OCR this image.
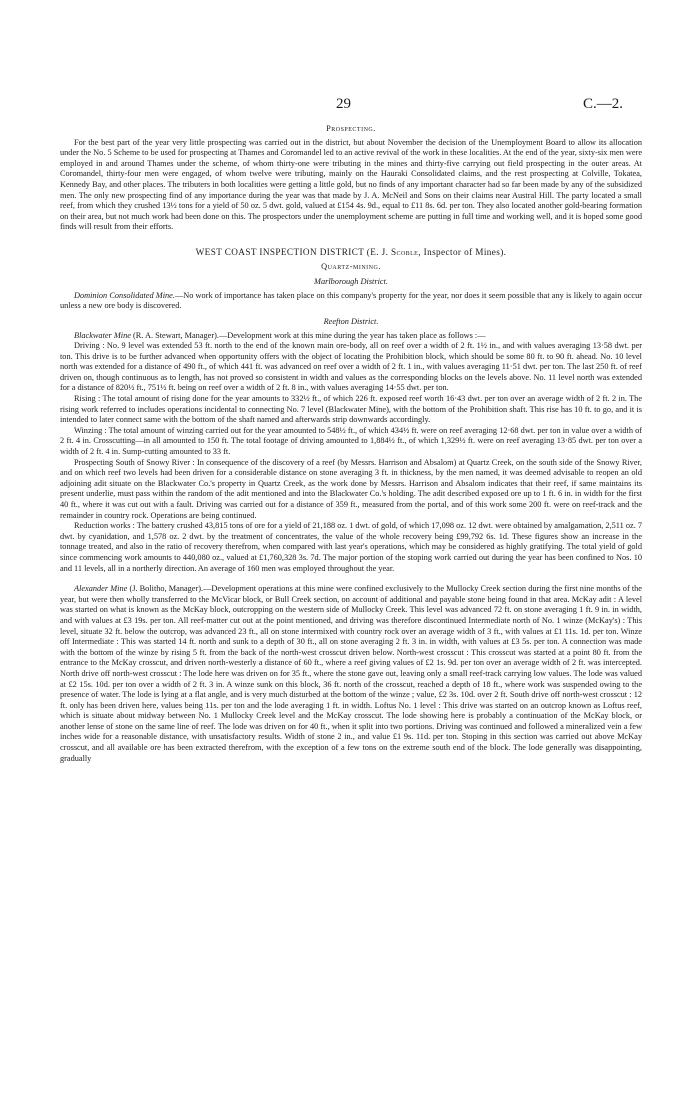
29	C.—2.
Prospecting.

For the best part of the year very little prospecting was carried out in the district, but about November the decision of the Unemployment Board to allow its allocation under the No. 5 Scheme to be used for prospecting at Thames and Coromandel led to an active revival of the work in these localities. At the end of the year, sixty-six men were employed in and around Thames under the scheme, of whom thirty-one were tributing in the mines and thirty-five carrying out field prospecting in the outer areas. At Coromandel, thirty-four men were engaged, of whom twelve were tributing, mainly on the Hauraki Consolidated claims, and the rest prospecting at Colville, Tokatea, Kennedy Bay, and other places. The tributers in both localities were getting a little gold, but no finds of any important character had so far been made by any of the subsidized men. The only new prospecting find of any importance during the year was that made by J. A. McNeil and Sons on their claims near Austral Hill. The party located a small reef, from which they crushed 13½ tons for a yield of 50 oz. 5 dwt. gold, valued at £154 4s. 9d., equal to £11 8s. 6d. per ton. They also located another gold-bearing formation on their area, but not much work had been done on this. The prospectors under the unemployment scheme are putting in full time and working well, and it is hoped some good finds will result from their efforts.

WEST COAST INSPECTION DISTRICT (E. J. Scoble, Inspector of Mines).
Quartz-mining.
Marlborough District.

Dominion Consolidated Mine.—No work of importance has taken place on this company's property for the year, nor does it seem possible that any is likely to again occur unless a new ore body is discovered.

Reefton District.

Blackwater Mine (R. A. Stewart, Manager).—Development work at this mine during the year has taken place as follows :—

Driving : No. 9 level was extended 53 ft. north to the end of the known main ore-body, all on reef over a width of 2 ft. 1½ in., and with values averaging 13·58 dwt. per ton. This drive is to be further advanced when opportunity offers with the object of locating the Prohibition block, which should be some 80 ft. to 90 ft. ahead. No. 10 level north was extended for a distance of 490 ft., of which 441 ft. was advanced on reef over a width of 2 ft. 1 in., with values averaging 11·51 dwt. per ton. The last 250 ft. of reef driven on, though continuous as to length, has not proved so consistent in width and values as the corresponding blocks on the levels above. No. 11 level north was extended for a distance of 820½ ft., 751½ ft. being on reef over a width of 2 ft. 8 in., with values averaging 14·55 dwt. per ton.

Rising : The total amount of rising done for the year amounts to 332½ ft., of which 226 ft. exposed reef worth 16·43 dwt. per ton over an average width of 2 ft. 2 in. The rising work referred to includes operations incidental to connecting No. 7 level (Blackwater Mine), with the bottom of the Prohibition shaft. This rise has 10 ft. to go, and it is intended to later connect same with the bottom of the shaft named and afterwards strip downwards accordingly.

Winzing : The total amount of winzing carried out for the year amounted to 548½ ft., of which 434½ ft. were on reef averaging 12·68 dwt. per ton in value over a width of 2 ft. 4 in. Crosscutting—in all amounted to 150 ft. The total footage of driving amounted to 1,884½ ft., of which 1,329½ ft. were on reef averaging 13·85 dwt. per ton over a width of 2 ft. 4 in. Sump-cutting amounted to 33 ft.

Prospecting South of Snowy River : In consequence of the discovery of a reef (by Messrs. Harrison and Absalom) at Quartz Creek, on the south side of the Snowy River, and on which reef two levels had been driven for a considerable distance on stone averaging 3 ft. in thickness, by the men named, it was deemed advisable to reopen an old adjoining adit situate on the Blackwater Co.'s property in Quartz Creek, as the work done by Messrs. Harrison and Absalom indicates that their reef, if same maintains its present underlie, must pass within the random of the adit mentioned and into the Blackwater Co.'s holding. The adit described exposed ore up to 1 ft. 6 in. in width for the first 40 ft., where it was cut out with a fault. Driving was carried out for a distance of 359 ft., measured from the portal, and of this work some 200 ft. were on reef-track and the remainder in country rock. Operations are being continued.

Reduction works : The battery crushed 43,815 tons of ore for a yield of 21,188 oz. 1 dwt. of gold, of which 17,098 oz. 12 dwt. were obtained by amalgamation, 2,511 oz. 7 dwt. by cyanidation, and 1,578 oz. 2 dwt. by the treatment of concentrates, the value of the whole recovery being £99,792 6s. 1d. These figures show an increase in the tonnage treated, and also in the ratio of recovery therefrom, when compared with last year's operations, which may be considered as highly gratifying. The total yield of gold since commencing work amounts to 440,080 oz., valued at £1,760,328 3s. 7d. The major portion of the stoping work carried out during the year has been confined to Nos. 10 and 11 levels, all in a northerly direction. An average of 160 men was employed throughout the year.

Alexander Mine (J. Bolitho, Manager).—Development operations at this mine were confined exclusively to the Mullocky Creek section during the first nine months of the year, but were then wholly transferred to the McVicar block, or Bull Creek section, on account of additional and payable stone being found in that area. McKay adit : A level was started on what is known as the McKay block, outcropping on the western side of Mullocky Creek. This level was advanced 72 ft. on stone averaging 1 ft. 9 in. in width, and with values at £3 19s. per ton. All reef-matter cut out at the point mentioned, and driving was therefore discontinued Intermediate north of No. 1 winze (McKay's) : This level, situate 32 ft. below the outcrop, was advanced 23 ft., all on stone intermixed with country rock over an average width of 3 ft., with values at £1 11s. 1d. per ton. Winze off Intermediate : This was started 14 ft. north and sunk to a depth of 30 ft., all on stone averaging 2 ft. 3 in. in width, with values at £3 5s. per ton. A connection was made with the bottom of the winze by rising 5 ft. from the back of the north-west crosscut driven below. North-west crosscut : This crosscut was started at a point 80 ft. from the entrance to the McKay crosscut, and driven north-westerly a distance of 60 ft., where a reef giving values of £2 1s. 9d. per ton over an average width of 2 ft. was intercepted. North drive off north-west crosscut : The lode here was driven on for 35 ft., where the stone gave out, leaving only a small reef-track carrying low values. The lode was valued at £2 15s. 10d. per ton over a width of 2 ft. 3 in. A winze sunk on this block, 36 ft. north of the crosscut, reached a depth of 18 ft., where work was suspended owing to the presence of water. The lode is lying at a flat angle, and is very much disturbed at the bottom of the winze ; value, £2 3s. 10d. over 2 ft. South drive off north-west crosscut : 12 ft. only has been driven here, values being 11s. per ton and the lode averaging 1 ft. in width. Loftus No. 1 level : This drive was started on an outcrop known as Loftus reef, which is situate about midway between No. 1 Mullocky Creek level and the McKay crosscut. The lode showing here is probably a continuation of the McKay block, or another lense of stone on the same line of reef. The lode was driven on for 40 ft., when it split into two portions. Driving was continued and followed a mineralized vein a few inches wide for a reasonable distance, with unsatisfactory results. Width of stone 2 in., and value £1 9s. 11d. per ton. Stoping in this section was carried out above McKay crosscut, and all available ore has been extracted therefrom, with the exception of a few tons on the extreme south end of the block. The lode generally was disappointing, gradually
